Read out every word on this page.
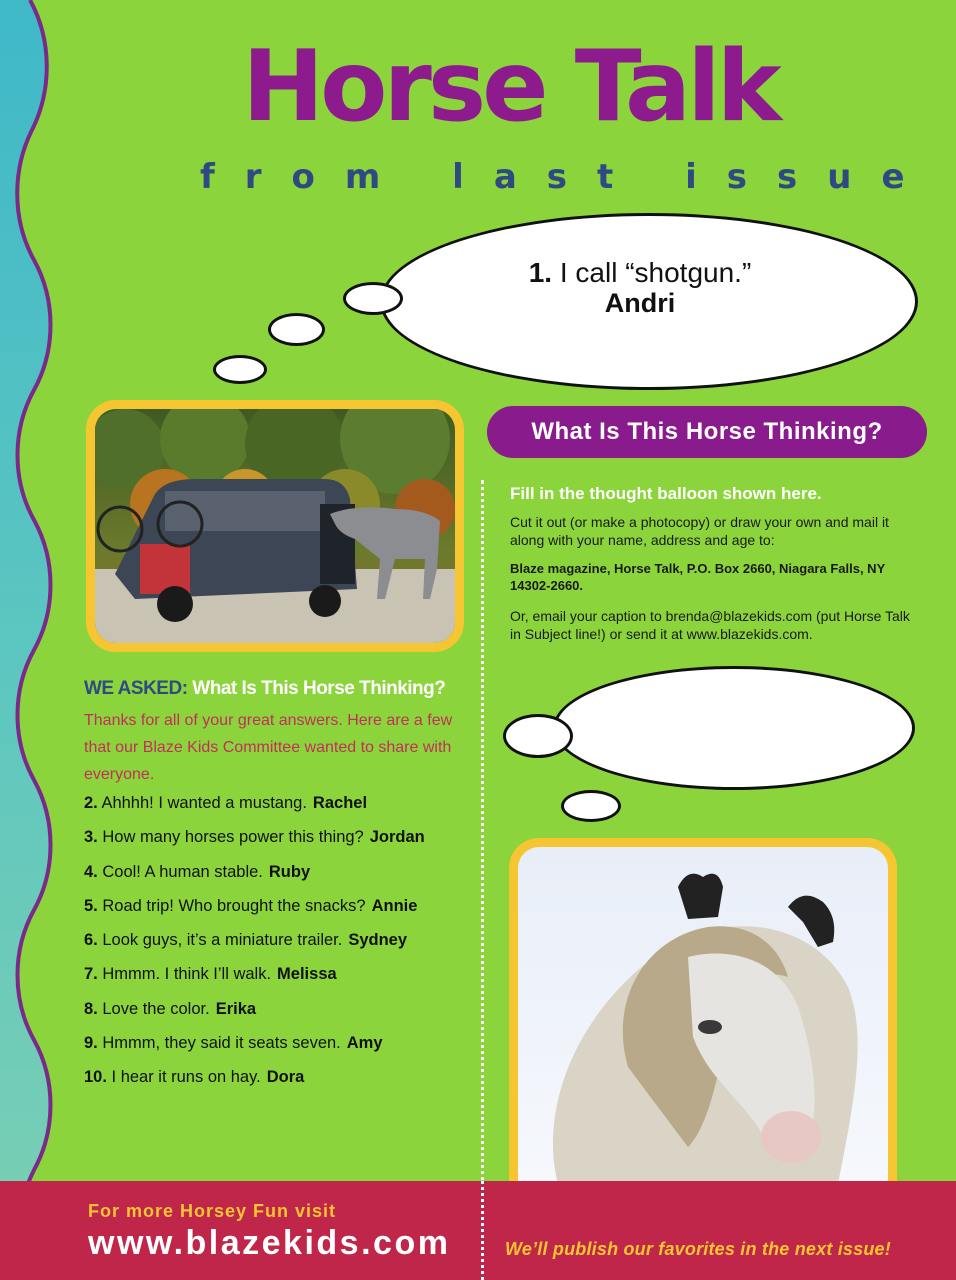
Horse Talk
from last issue
1. I call “shotgun.”
Andri
What Is This Horse Thinking?
Fill in the thought balloon shown here.
Cut it out (or make a photocopy) or draw your own and mail it along with your name, address and age to:
Blaze magazine, Horse Talk, P.O. Box 2660, Niagara Falls, NY 14302-2660.
Or, email your caption to brenda@blazekids.com (put Horse Talk in Subject line!) or send it at www.blazekids.com.
WE ASKED: What Is This Horse Thinking?
Thanks for all of your great answers. Here are a few that our Blaze Kids Committee wanted to share with everyone.
2. Ahhhh! I wanted a mustang. Rachel
3. How many horses power this thing? Jordan
4. Cool! A human stable. Ruby
5. Road trip! Who brought the snacks? Annie
6. Look guys, it’s a miniature trailer. Sydney
7. Hmmm. I think I’ll walk. Melissa
8. Love the color. Erika
9. Hmmm, they said it seats seven. Amy
10. I hear it runs on hay. Dora
For more Horsey Fun visit
www.blazekids.com	We’ll publish our favorites in the next issue!
